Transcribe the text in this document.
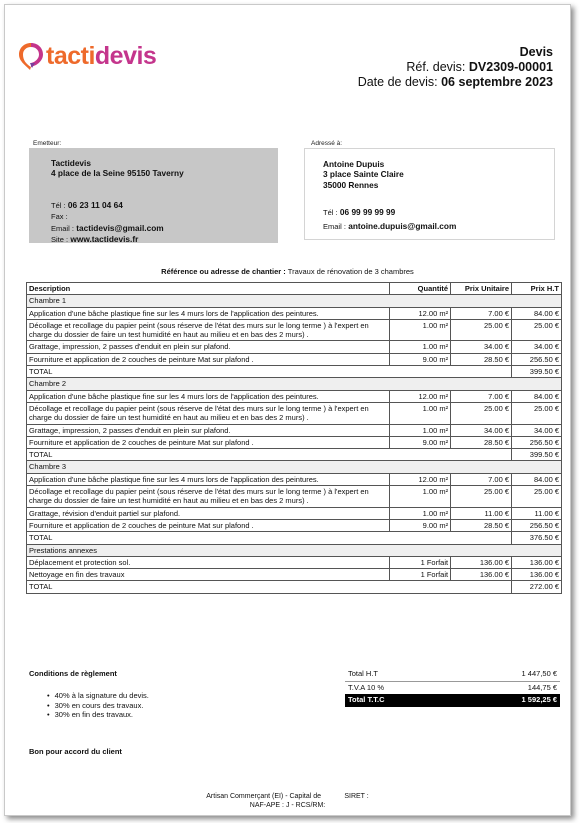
tactidevis	Devis
Réf. devis: DV2309-00001
Date de devis: 06 septembre 2023
Emetteur:
Tactidevis
4 place de la Seine 95150 Taverny
Tél : 06 23 11 04 64
Fax :
Email : tactidevis@gmail.com
Site : www.tactidevis.fr
Adressé à:
Antoine Dupuis
3 place Sainte Claire
35000 Rennes
Tél : 06 99 99 99 99
Email : antoine.dupuis@gmail.com
Référence ou adresse de chantier : Travaux de rénovation de 3 chambres
Description	Quantité	Prix Unitaire	Prix H.T
Chambre 1			
Application d'une bâche plastique fine sur les 4 murs lors de l'application des peintures.	12.00 m²	7.00 €	84.00 €
Décollage et recollage du papier peint (sous réserve de l'état des murs sur le long terme ) à l'expert en charge du dossier de faire un test humidité en haut au milieu et en bas des 2 murs) .	1.00 m²	25.00 €	25.00 €
Grattage, impression, 2 passes d'enduit en plein sur plafond.	1.00 m²	34.00 €	34.00 €
Fourniture et application de 2 couches de peinture Mat sur plafond .	9.00 m²	28.50 €	256.50 €
TOTAL			399.50 €
Chambre 2			
Application d'une bâche plastique fine sur les 4 murs lors de l'application des peintures.	12.00 m²	7.00 €	84.00 €
Décollage et recollage du papier peint (sous réserve de l'état des murs sur le long terme ) à l'expert en charge du dossier de faire un test humidité en haut au milieu et en bas des 2 murs) .	1.00 m²	25.00 €	25.00 €
Grattage, impression, 2 passes d'enduit en plein sur plafond.	1.00 m²	34.00 €	34.00 €
Fourniture et application de 2 couches de peinture Mat sur plafond .	9.00 m²	28.50 €	256.50 €
TOTAL			399.50 €
Chambre 3			
Application d'une bâche plastique fine sur les 4 murs lors de l'application des peintures.	12.00 m²	7.00 €	84.00 €
Décollage et recollage du papier peint (sous réserve de l'état des murs sur le long terme ) à l'expert en charge du dossier de faire un test humidité en haut au milieu et en bas des 2 murs) .	1.00 m²	25.00 €	25.00 €
Grattage, révision d'enduit partiel sur plafond.	1.00 m²	11.00 €	11.00 €
Fourniture et application de 2 couches de peinture Mat sur plafond .	9.00 m²	28.50 €	256.50 €
TOTAL			376.50 €
Prestations annexes			
Déplacement et protection sol.	1 Forfait	136.00 €	136.00 €
Nettoyage en fin des travaux	1 Forfait	136.00 €	136.00 €
TOTAL			272.00 €
Conditions de règlement
• 40% à la signature du devis.
• 30% en cours des travaux.
• 30% en fin des travaux.
Total H.T	1 447,50 €
T.V.A 10 %	144,75 €
Total T.T.C	1 592,25 €
Bon pour accord du client
Artisan Commerçant (EI) - Capital de            SIRET :
NAF-APE : J - RCS/RM:
